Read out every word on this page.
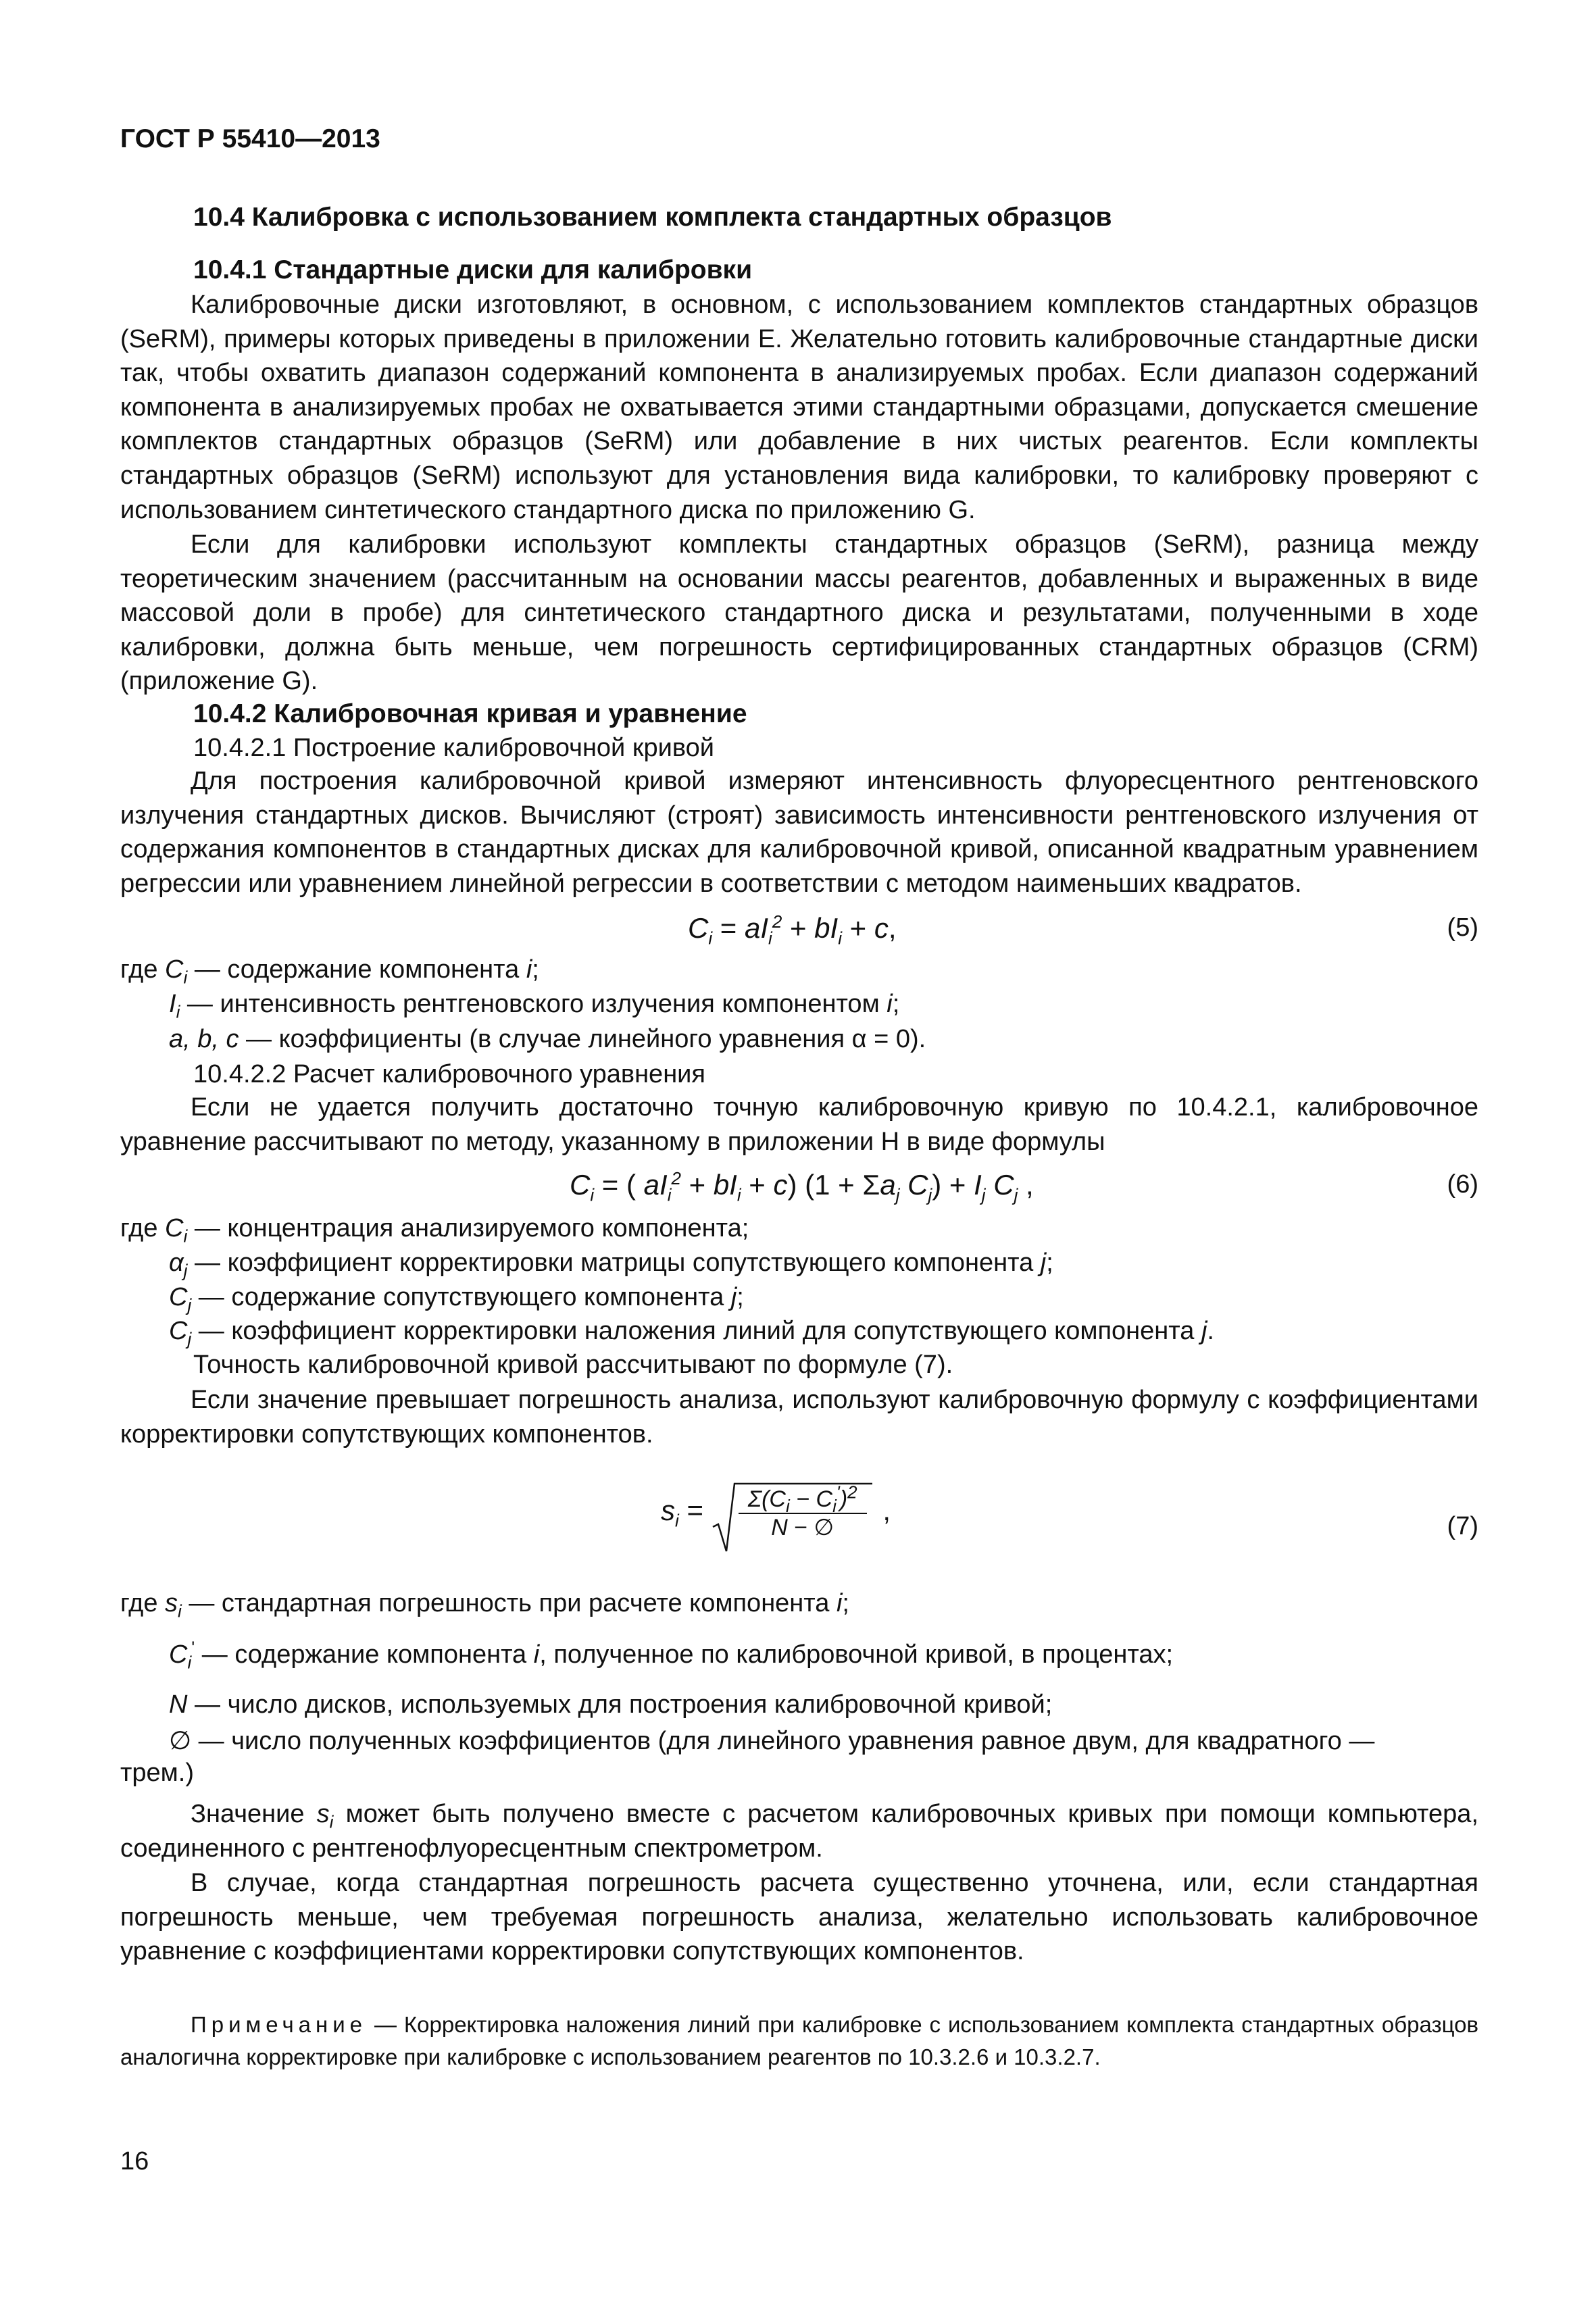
ГОСТ Р 55410—2013
10.4 Калибровка с использованием комплекта стандартных образцов
10.4.1 Стандартные диски для калибровки

Калибровочные диски изготовляют, в основном, с использованием комплектов стандартных образцов (SeRM), примеры которых приведены в приложении E. Желательно готовить калибровочные стандартные диски так, чтобы охватить диапазон содержаний компонента в анализируемых пробах. Если диапазон содержаний компонента в анализируемых пробах не охватывается этими стандартными образцами, допускается смешение комплектов стандартных образцов (SeRM) или добавление в них чистых реагентов. Если комплекты стандартных образцов (SeRM) используют для установления вида калибровки, то калибровку проверяют с использованием синтетического стандартного диска по приложению G.

Если для калибровки используют комплекты стандартных образцов (SeRM), разница между теоретическим значением (рассчитанным на основании массы реагентов, добавленных и выраженных в виде массовой доли в пробе) для синтетического стандартного диска и результатами, полученными в ходе калибровки, должна быть меньше, чем погрешность сертифицированных стандартных образцов (CRM) (приложение G).

10.4.2 Калибровочная кривая и уравнение
10.4.2.1 Построение калибровочной кривой

Для построения калибровочной кривой измеряют интенсивность флуоресцентного рентгеновского излучения стандартных дисков. Вычисляют (строят) зависимость интенсивности рентгеновского излучения от содержания компонентов в стандартных дисках для калибровочной кривой, описанной квадратным уравнением регрессии или уравнением линейной регрессии в соответствии с методом наименьших квадратов.

$C_i = aI_i^2 + bI_i + c$,	(5)
где $C_i$ — содержание компонента i;
$I_i$ — интенсивность рентгеновского излучения компонентом i;
a, b, c — коэффициенты (в случае линейного уравнения α = 0).
10.4.2.2 Расчет калибровочного уравнения

Если не удается получить достаточно точную калибровочную кривую по 10.4.2.1, калибровочное уравнение рассчитывают по методу, указанному в приложении H в виде формулы

$C_i$ = ( $aI_i^2 + bI_i + c$) ($1 + \Sigma a_j$ $C_j) + I_j$ $C_j$ ,	(6)
где $C_i$ — концентрация анализируемого компонента;
$\alpha_j$ — коэффициент корректировки матрицы сопутствующего компонента j;
$C_j$ — содержание сопутствующего компонента j;
$C_j$ — коэффициент корректировки наложения линий для сопутствующего компонента j.
Точность калибровочной кривой рассчитывают по формуле (7).

Если значение превышает погрешность анализа, используют калибровочную формулу с коэффициентами корректировки сопутствующих компонентов.

$s_i = \frac{\Sigma(C_i - C_i')^2}{N - \emptyset}$ ,
(7)
где $s_i$ — стандартная погрешность при расчете компонента i;
$C_i'$ — содержание компонента i, полученное по калибровочной кривой, в процентах;
N — число дисков, используемых для построения калибровочной кривой;
∅ — число полученных коэффициентов (для линейного уравнения равное двум, для квадратного —
трем.)

Значение $s_i$ может быть получено вместе с расчетом калибровочных кривых при помощи компьютера, соединенного с рентгенофлуоресцентным спектрометром.

В случае, когда стандартная погрешность расчета существенно уточнена, или, если стандартная погрешность меньше, чем требуемая погрешность анализа, желательно использовать калибровочное уравнение с коэффициентами корректировки сопутствующих компонентов.

Примечание — Корректировка наложения линий при калибровке с использованием комплекта стандартных образцов аналогична корректировке при калибровке с использованием реагентов по 10.3.2.6 и 10.3.2.7.

16
